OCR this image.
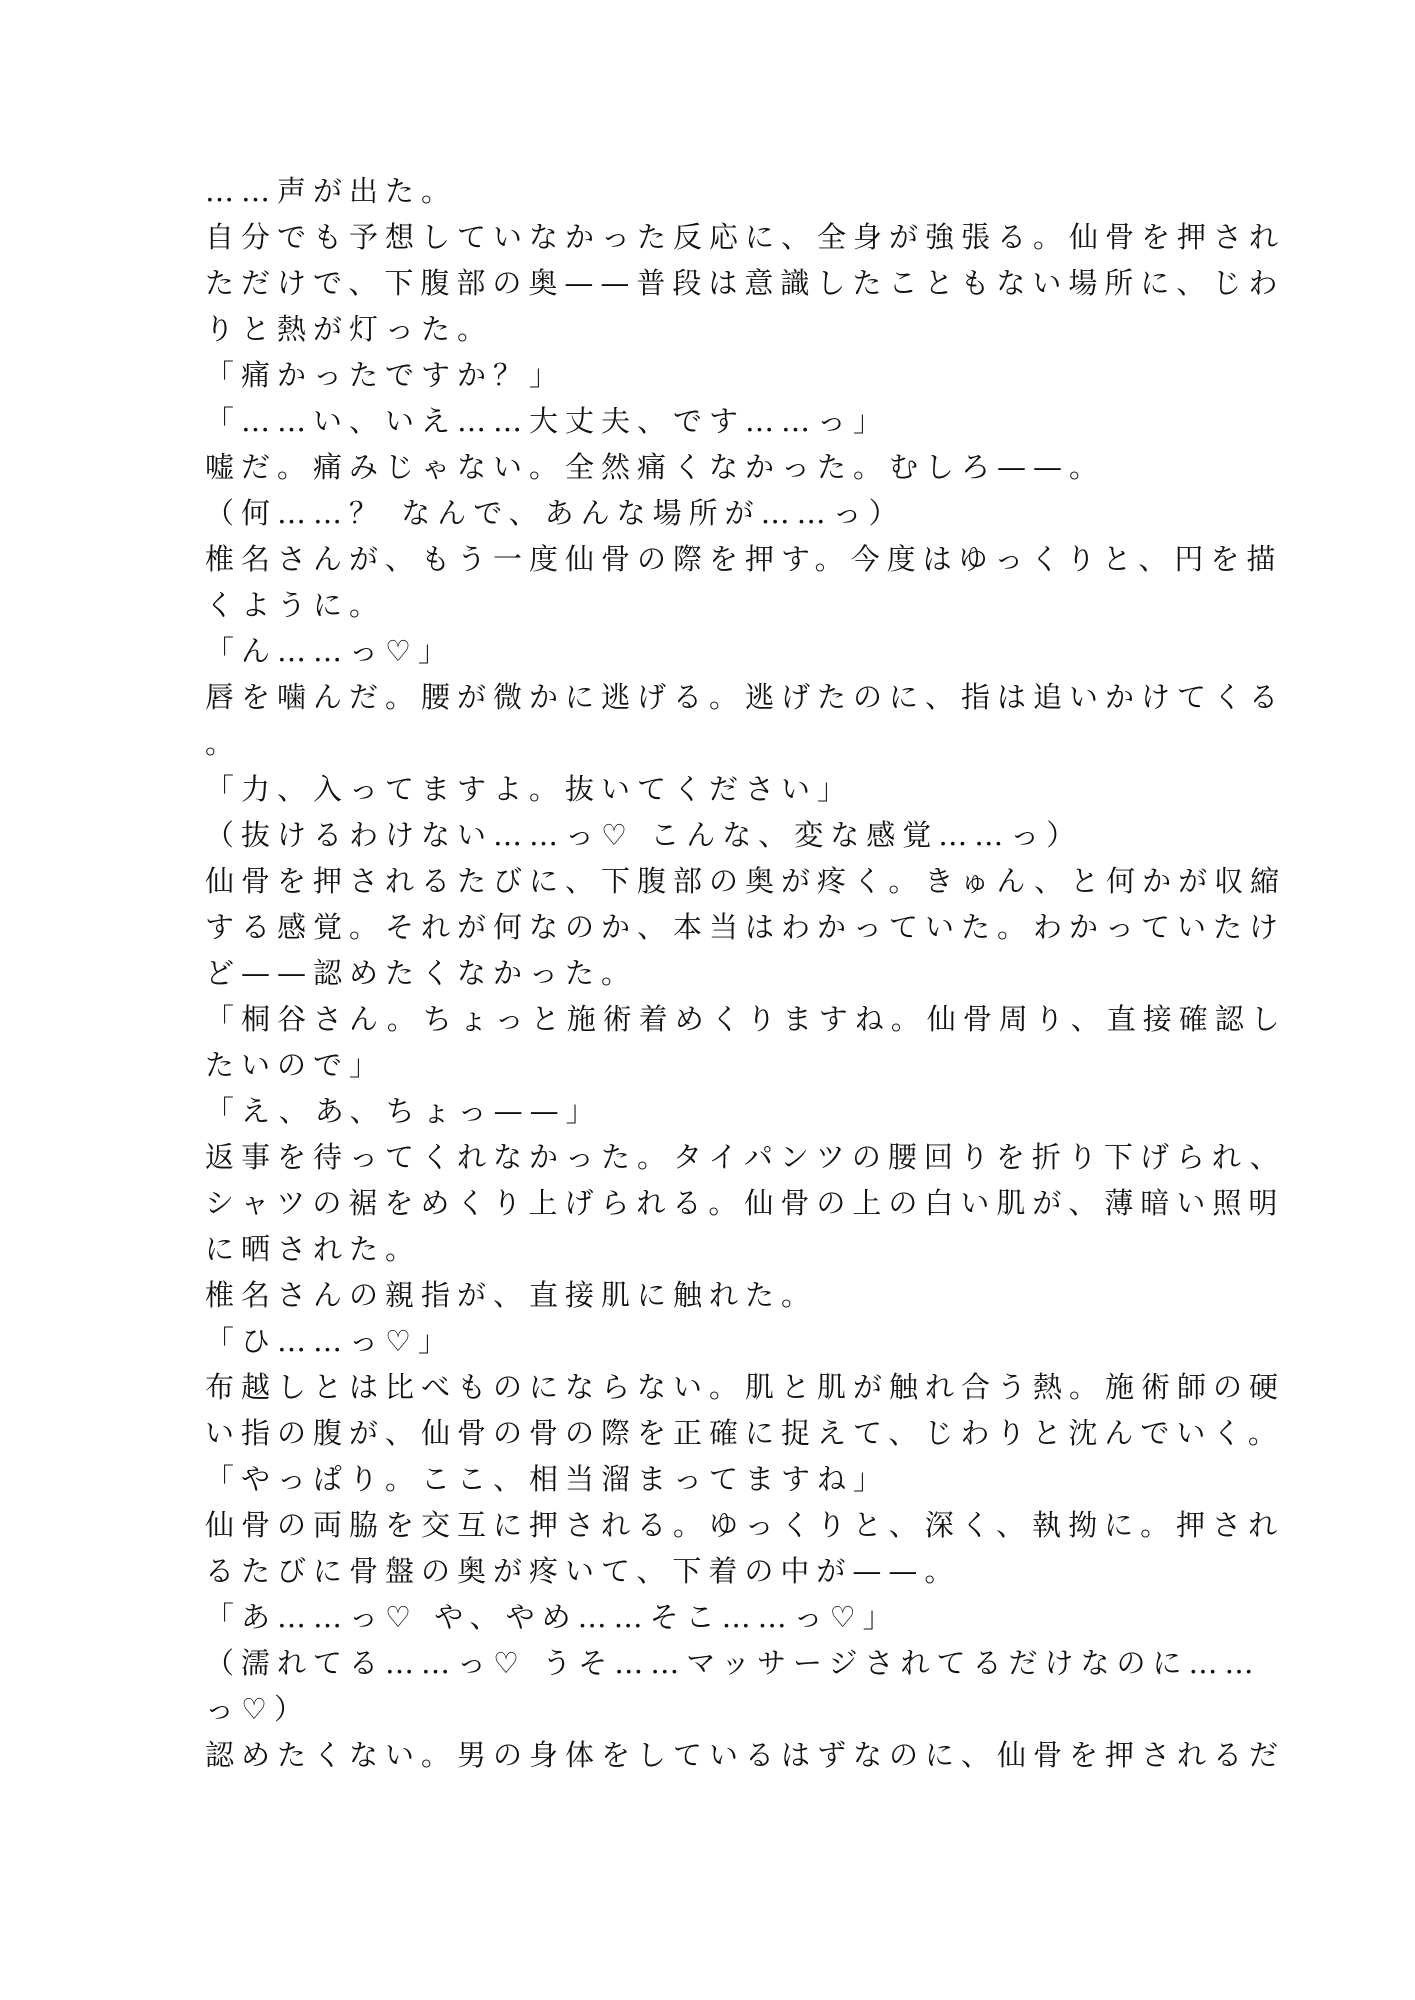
……声が出た。
自分でも予想していなかった反応に、全身が強張る。仙骨を押され
ただけで、下腹部の奥——普段は意識したこともない場所に、じわ
りと熱が灯った。
「痛かったですか？」
「……い、いえ……大丈夫、です……っ」
嘘だ。痛みじゃない。全然痛くなかった。むしろ——。
（何……？ なんで、あんな場所が……っ）
椎名さんが、もう一度仙骨の際を押す。今度はゆっくりと、円を描
くように。
「ん……っ♡」
唇を噛んだ。腰が微かに逃げる。逃げたのに、指は追いかけてくる
。
「力、入ってますよ。抜いてください」
（抜けるわけない……っ♡ こんな、変な感覚……っ）
仙骨を押されるたびに、下腹部の奥が疼く。きゅん、と何かが収縮
する感覚。それが何なのか、本当はわかっていた。わかっていたけ
ど——認めたくなかった。
「桐谷さん。ちょっと施術着めくりますね。仙骨周り、直接確認し
たいので」
「え、あ、ちょっ——」
返事を待ってくれなかった。タイパンツの腰回りを折り下げられ、
シャツの裾をめくり上げられる。仙骨の上の白い肌が、薄暗い照明
に晒された。
椎名さんの親指が、直接肌に触れた。
「ひ……っ♡」
布越しとは比べものにならない。肌と肌が触れ合う熱。施術師の硬
い指の腹が、仙骨の骨の際を正確に捉えて、じわりと沈んでいく。
「やっぱり。ここ、相当溜まってますね」
仙骨の両脇を交互に押される。ゆっくりと、深く、執拗に。押され
るたびに骨盤の奥が疼いて、下着の中が——。
「あ……っ♡ や、やめ……そこ……っ♡」
（濡れてる……っ♡ うそ……マッサージされてるだけなのに……
っ♡）
認めたくない。男の身体をしているはずなのに、仙骨を押されるだ
